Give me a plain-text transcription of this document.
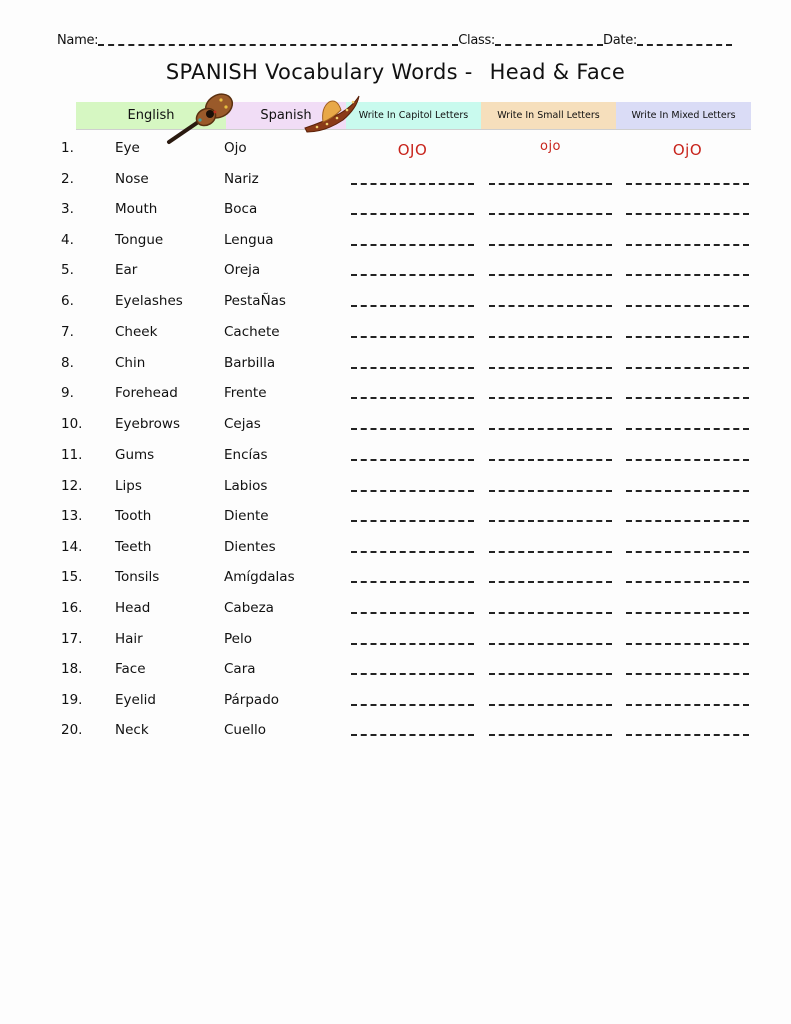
Name:	Class:	Date:
SPANISH Vocabulary Words - Head & Face
English	Spanish	Write In Capitol Letters	Write In Small Letters	Write In Mixed Letters
1.	Eye	Ojo	OJO	ojo	OjO
2.	Nose	Nariz
3.	Mouth	Boca
4.	Tongue	Lengua
5.	Ear	Oreja
6.	Eyelashes	PestaÑas
7.	Cheek	Cachete
8.	Chin	Barbilla
9.	Forehead	Frente
10. Eyebrows	Cejas
11. Gums	Encías
12. Lips	Labios
13. Tooth	Diente
14. Teeth	Dientes
15. Tonsils	Amígdalas
16. Head	Cabeza
17. Hair	Pelo
18. Face	Cara
19. Eyelid	Párpado
20. Neck	Cuello
